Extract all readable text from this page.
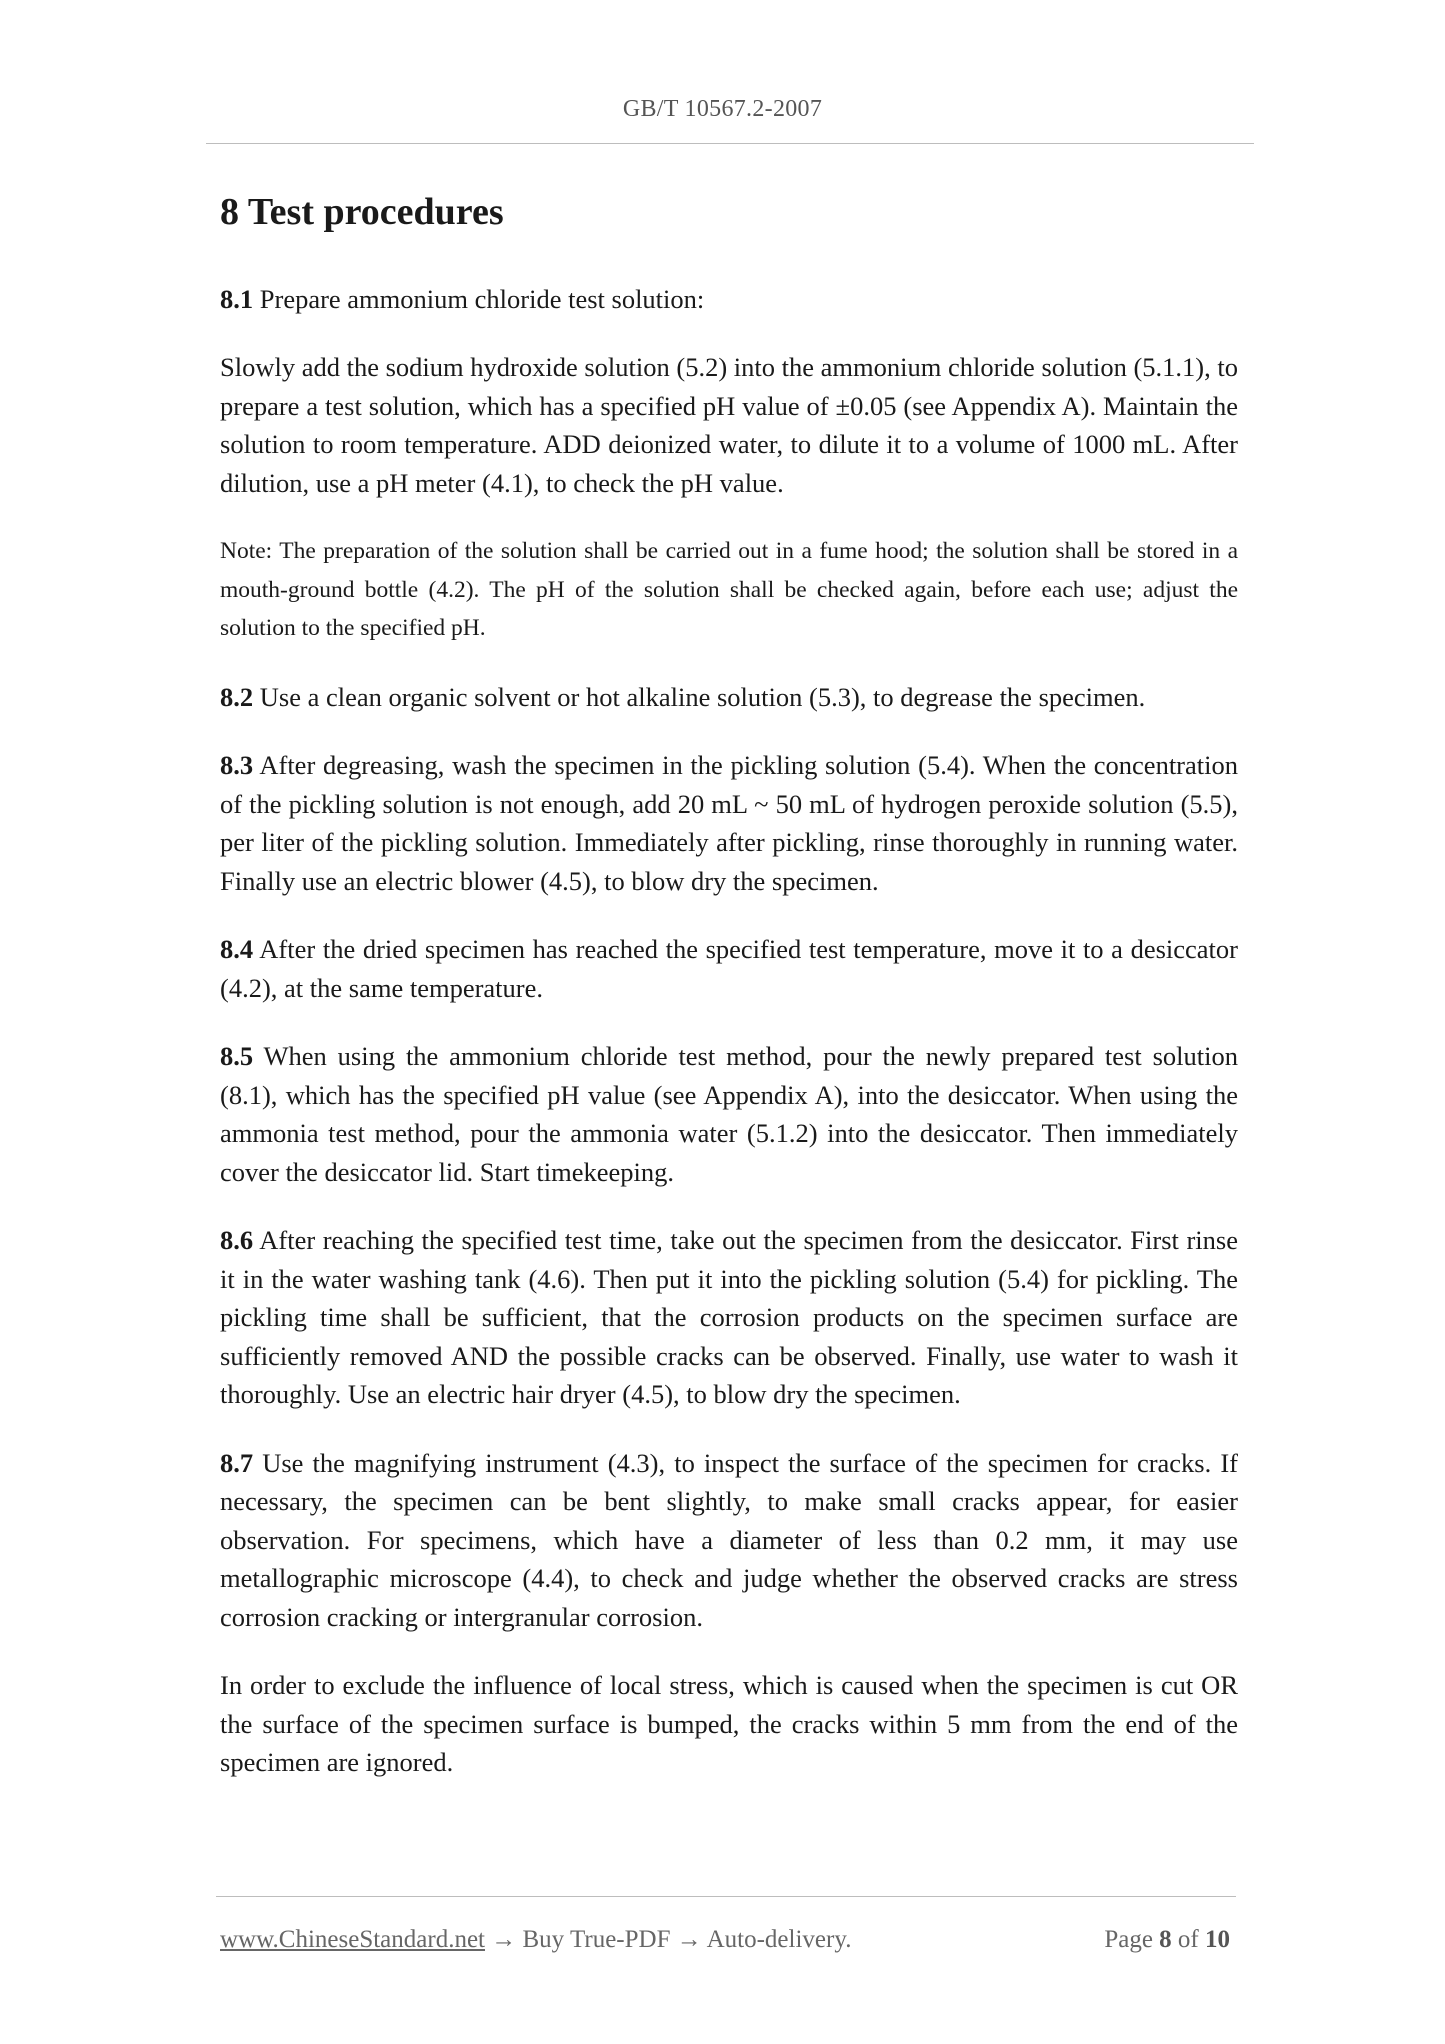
GB/T 10567.2-2007
8 Test procedures

8.1 Prepare ammonium chloride test solution:

Slowly add the sodium hydroxide solution (5.2) into the ammonium chloride solution (5.1.1), to prepare a test solution, which has a specified pH value of ±0.05 (see Appendix A). Maintain the solution to room temperature. ADD deionized water, to dilute it to a volume of 1000 mL. After dilution, use a pH meter (4.1), to check the pH value.

Note: The preparation of the solution shall be carried out in a fume hood; the solution shall be stored in a mouth-ground bottle (4.2). The pH of the solution shall be checked again, before each use; adjust the solution to the specified pH.

8.2 Use a clean organic solvent or hot alkaline solution (5.3), to degrease the specimen.

8.3 After degreasing, wash the specimen in the pickling solution (5.4). When the concentration of the pickling solution is not enough, add 20 mL ~ 50 mL of hydrogen peroxide solution (5.5), per liter of the pickling solution. Immediately after pickling, rinse thoroughly in running water. Finally use an electric blower (4.5), to blow dry the specimen.

8.4 After the dried specimen has reached the specified test temperature, move it to a desiccator (4.2), at the same temperature.

8.5 When using the ammonium chloride test method, pour the newly prepared test solution (8.1), which has the specified pH value (see Appendix A), into the desiccator. When using the ammonia test method, pour the ammonia water (5.1.2) into the desiccator. Then immediately cover the desiccator lid. Start timekeeping.

8.6 After reaching the specified test time, take out the specimen from the desiccator. First rinse it in the water washing tank (4.6). Then put it into the pickling solution (5.4) for pickling. The pickling time shall be sufficient, that the corrosion products on the specimen surface are sufficiently removed AND the possible cracks can be observed. Finally, use water to wash it thoroughly. Use an electric hair dryer (4.5), to blow dry the specimen.

8.7 Use the magnifying instrument (4.3), to inspect the surface of the specimen for cracks. If necessary, the specimen can be bent slightly, to make small cracks appear, for easier observation. For specimens, which have a diameter of less than 0.2 mm, it may use metallographic microscope (4.4), to check and judge whether the observed cracks are stress corrosion cracking or intergranular corrosion.

In order to exclude the influence of local stress, which is caused when the specimen is cut OR the surface of the specimen surface is bumped, the cracks within 5 mm from the end of the specimen are ignored.

www.ChineseStandard.net → Buy True-PDF → Auto-delivery.	Page 8 of 10
